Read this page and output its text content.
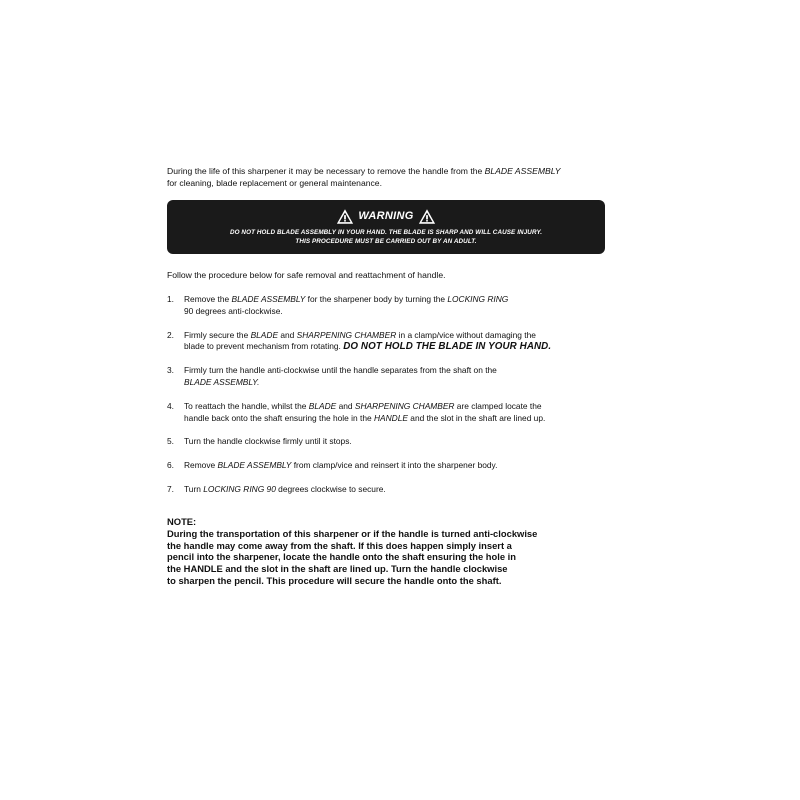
During the life of this sharpener it may be necessary to remove the handle from the BLADE ASSEMBLY
for cleaning, blade replacement or general maintenance.

WARNING
DO NOT HOLD BLADE ASSEMBLY IN YOUR HAND. THE BLADE IS SHARP AND WILL CAUSE INJURY.
THIS PROCEDURE MUST BE CARRIED OUT BY AN ADULT.

Follow the procedure below for safe removal and reattachment of handle.

1.	Remove the BLADE ASSEMBLY for the sharpener body by turning the LOCKING RING
90 degrees anti-clockwise.
2.	Firmly secure the BLADE and SHARPENING CHAMBER in a clamp/vice without damaging the
blade to prevent mechanism from rotating. DO NOT HOLD THE BLADE IN YOUR HAND.
3.	Firmly turn the handle anti-clockwise until the handle separates from the shaft on the
BLADE ASSEMBLY.
4.	To reattach the handle, whilst the BLADE and SHARPENING CHAMBER are clamped locate the
handle back onto the shaft ensuring the hole in the HANDLE and the slot in the shaft are lined up.
5.	Turn the handle clockwise firmly until it stops.
6.	Remove BLADE ASSEMBLY from clamp/vice and reinsert it into the sharpener body.
7.	Turn LOCKING RING 90 degrees clockwise to secure.
NOTE:
During the transportation of this sharpener or if the handle is turned anti-clockwise
the handle may come away from the shaft. If this does happen simply insert a
pencil into the sharpener, locate the handle onto the shaft ensuring the hole in
the HANDLE and the slot in the shaft are lined up. Turn the handle clockwise
to sharpen the pencil. This procedure will secure the handle onto the shaft.
